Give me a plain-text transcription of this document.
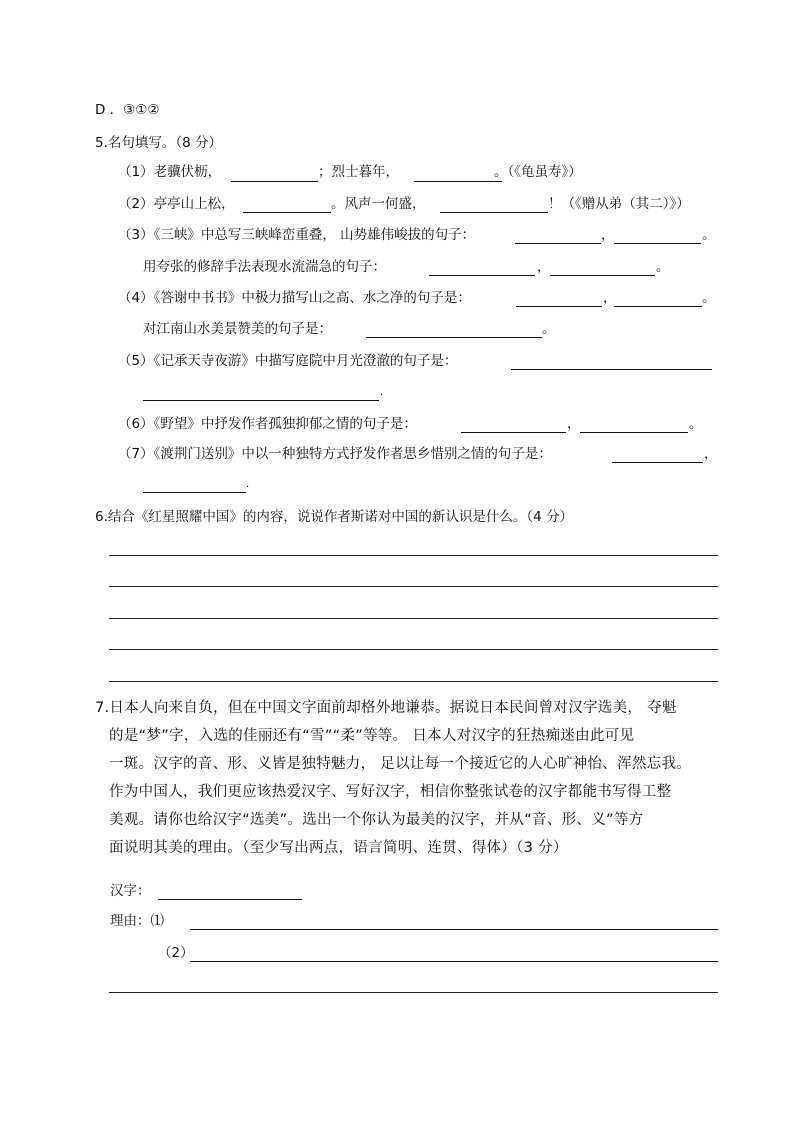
D ．③①②
5.名句填写。（8 分）
（1）老骥伏枥，	；烈士暮年，	。（《龟虽寿》）
（2）亭亭山上松，	。风声一何盛，	！（《赠从弟（其二）》）
（3）《三峡》中总写三峡峰峦重叠， 山势雄伟峻拔的句子：	，	。
用夸张的修辞手法表现水流湍急的句子：	，	。
（4）《答谢中书书》中极力描写山之高、水之净的句子是：	，	。
对江南山水美景赞美的句子是：	。
（5）《记承天寺夜游》中描写庭院中月光澄澈的句子是：
.
（6）《野望》中抒发作者孤独抑郁之情的句子是：	，	。
（7）《渡荆门送别》中以一种独特方式抒发作者思乡惜别之情的句子是：	，
.
6.结合《红星照耀中国》的内容，说说作者斯诺对中国的新认识是什么。（4 分）
7.日本人向来自负，但在中国文字面前却格外地谦恭。据说日本民间曾对汉字选美， 夺魁
的是“梦”字，入选的佳丽还有“雪”“柔”等等。 日本人对汉字的狂热痴迷由此可见
一斑。汉字的音、形、义皆是独特魅力， 足以让每一个接近它的人心旷神怡、浑然忘我。
作为中国人，我们更应该热爱汉字、写好汉字，相信你整张试卷的汉字都能书写得工整
美观。请你也给汉字“选美”。选出一个你认为最美的汉字，并从“音、形、义”等方
面说明其美的理由。（至少写出两点，语言简明、连贯、得体）（3 分）
汉字：
理由：⑴
（2）
